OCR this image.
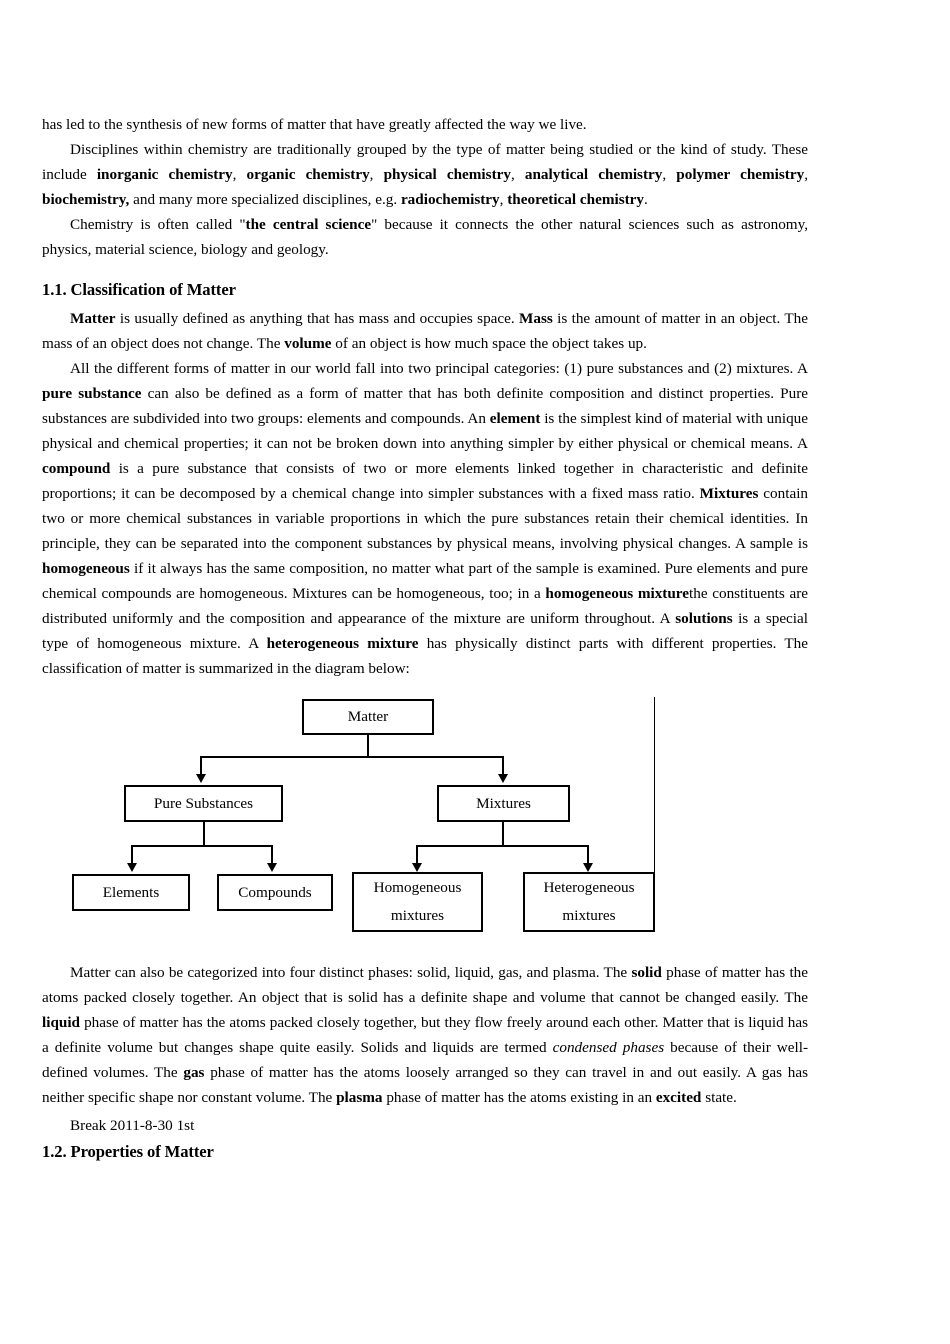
has led to the synthesis of new forms of matter that have greatly affected the way we live.

Disciplines within chemistry are traditionally grouped by the type of matter being studied or the kind of study. These include inorganic chemistry, organic chemistry, physical chemistry, analytical chemistry, polymer chemistry, biochemistry, and many more specialized disciplines, e.g. radiochemistry, theoretical chemistry.

Chemistry is often called "the central science" because it connects the other natural sciences such as astronomy, physics, material science, biology and geology.

1.1. Classification of Matter

Matter is usually defined as anything that has mass and occupies space. Mass is the amount of matter in an object. The mass of an object does not change. The volume of an object is how much space the object takes up.

All the different forms of matter in our world fall into two principal categories: (1) pure substances and (2) mixtures. A pure substance can also be defined as a form of matter that has both definite composition and distinct properties. Pure substances are subdivided into two groups: elements and compounds. An element is the simplest kind of material with unique physical and chemical properties; it can not be broken down into anything simpler by either physical or chemical means. A compound is a pure substance that consists of two or more elements linked together in characteristic and definite proportions; it can be decomposed by a chemical change into simpler substances with a fixed mass ratio. Mixtures contain two or more chemical substances in variable proportions in which the pure substances retain their chemical identities. In principle, they can be separated into the component substances by physical means, involving physical changes. A sample is homogeneous if it always has the same composition, no matter what part of the sample is examined. Pure elements and pure chemical compounds are homogeneous. Mixtures can be homogeneous, too; in a homogeneous mixturethe constituents are distributed uniformly and the composition and appearance of the mixture are uniform throughout. A solutions is a special type of homogeneous mixture. A heterogeneous mixture has physically distinct parts with different properties. The classification of matter is summarized in the diagram below:

Matter
Pure Substances	Mixtures
Elements	Compounds	Homogeneous
mixtures
Heterogeneous
mixtures

Matter can also be categorized into four distinct phases: solid, liquid, gas, and plasma. The solid phase of matter has the atoms packed closely together. An object that is solid has a definite shape and volume that cannot be changed easily. The liquid phase of matter has the atoms packed closely together, but they flow freely around each other. Matter that is liquid has a definite volume but changes shape quite easily. Solids and liquids are termed condensed phases because of their well-defined volumes. The gas phase of matter has the atoms loosely arranged so they can travel in and out easily. A gas has neither specific shape nor constant volume. The plasma phase of matter has the atoms existing in an excited state.

Break 2011-8-30 1st

1.2. Properties of Matter
